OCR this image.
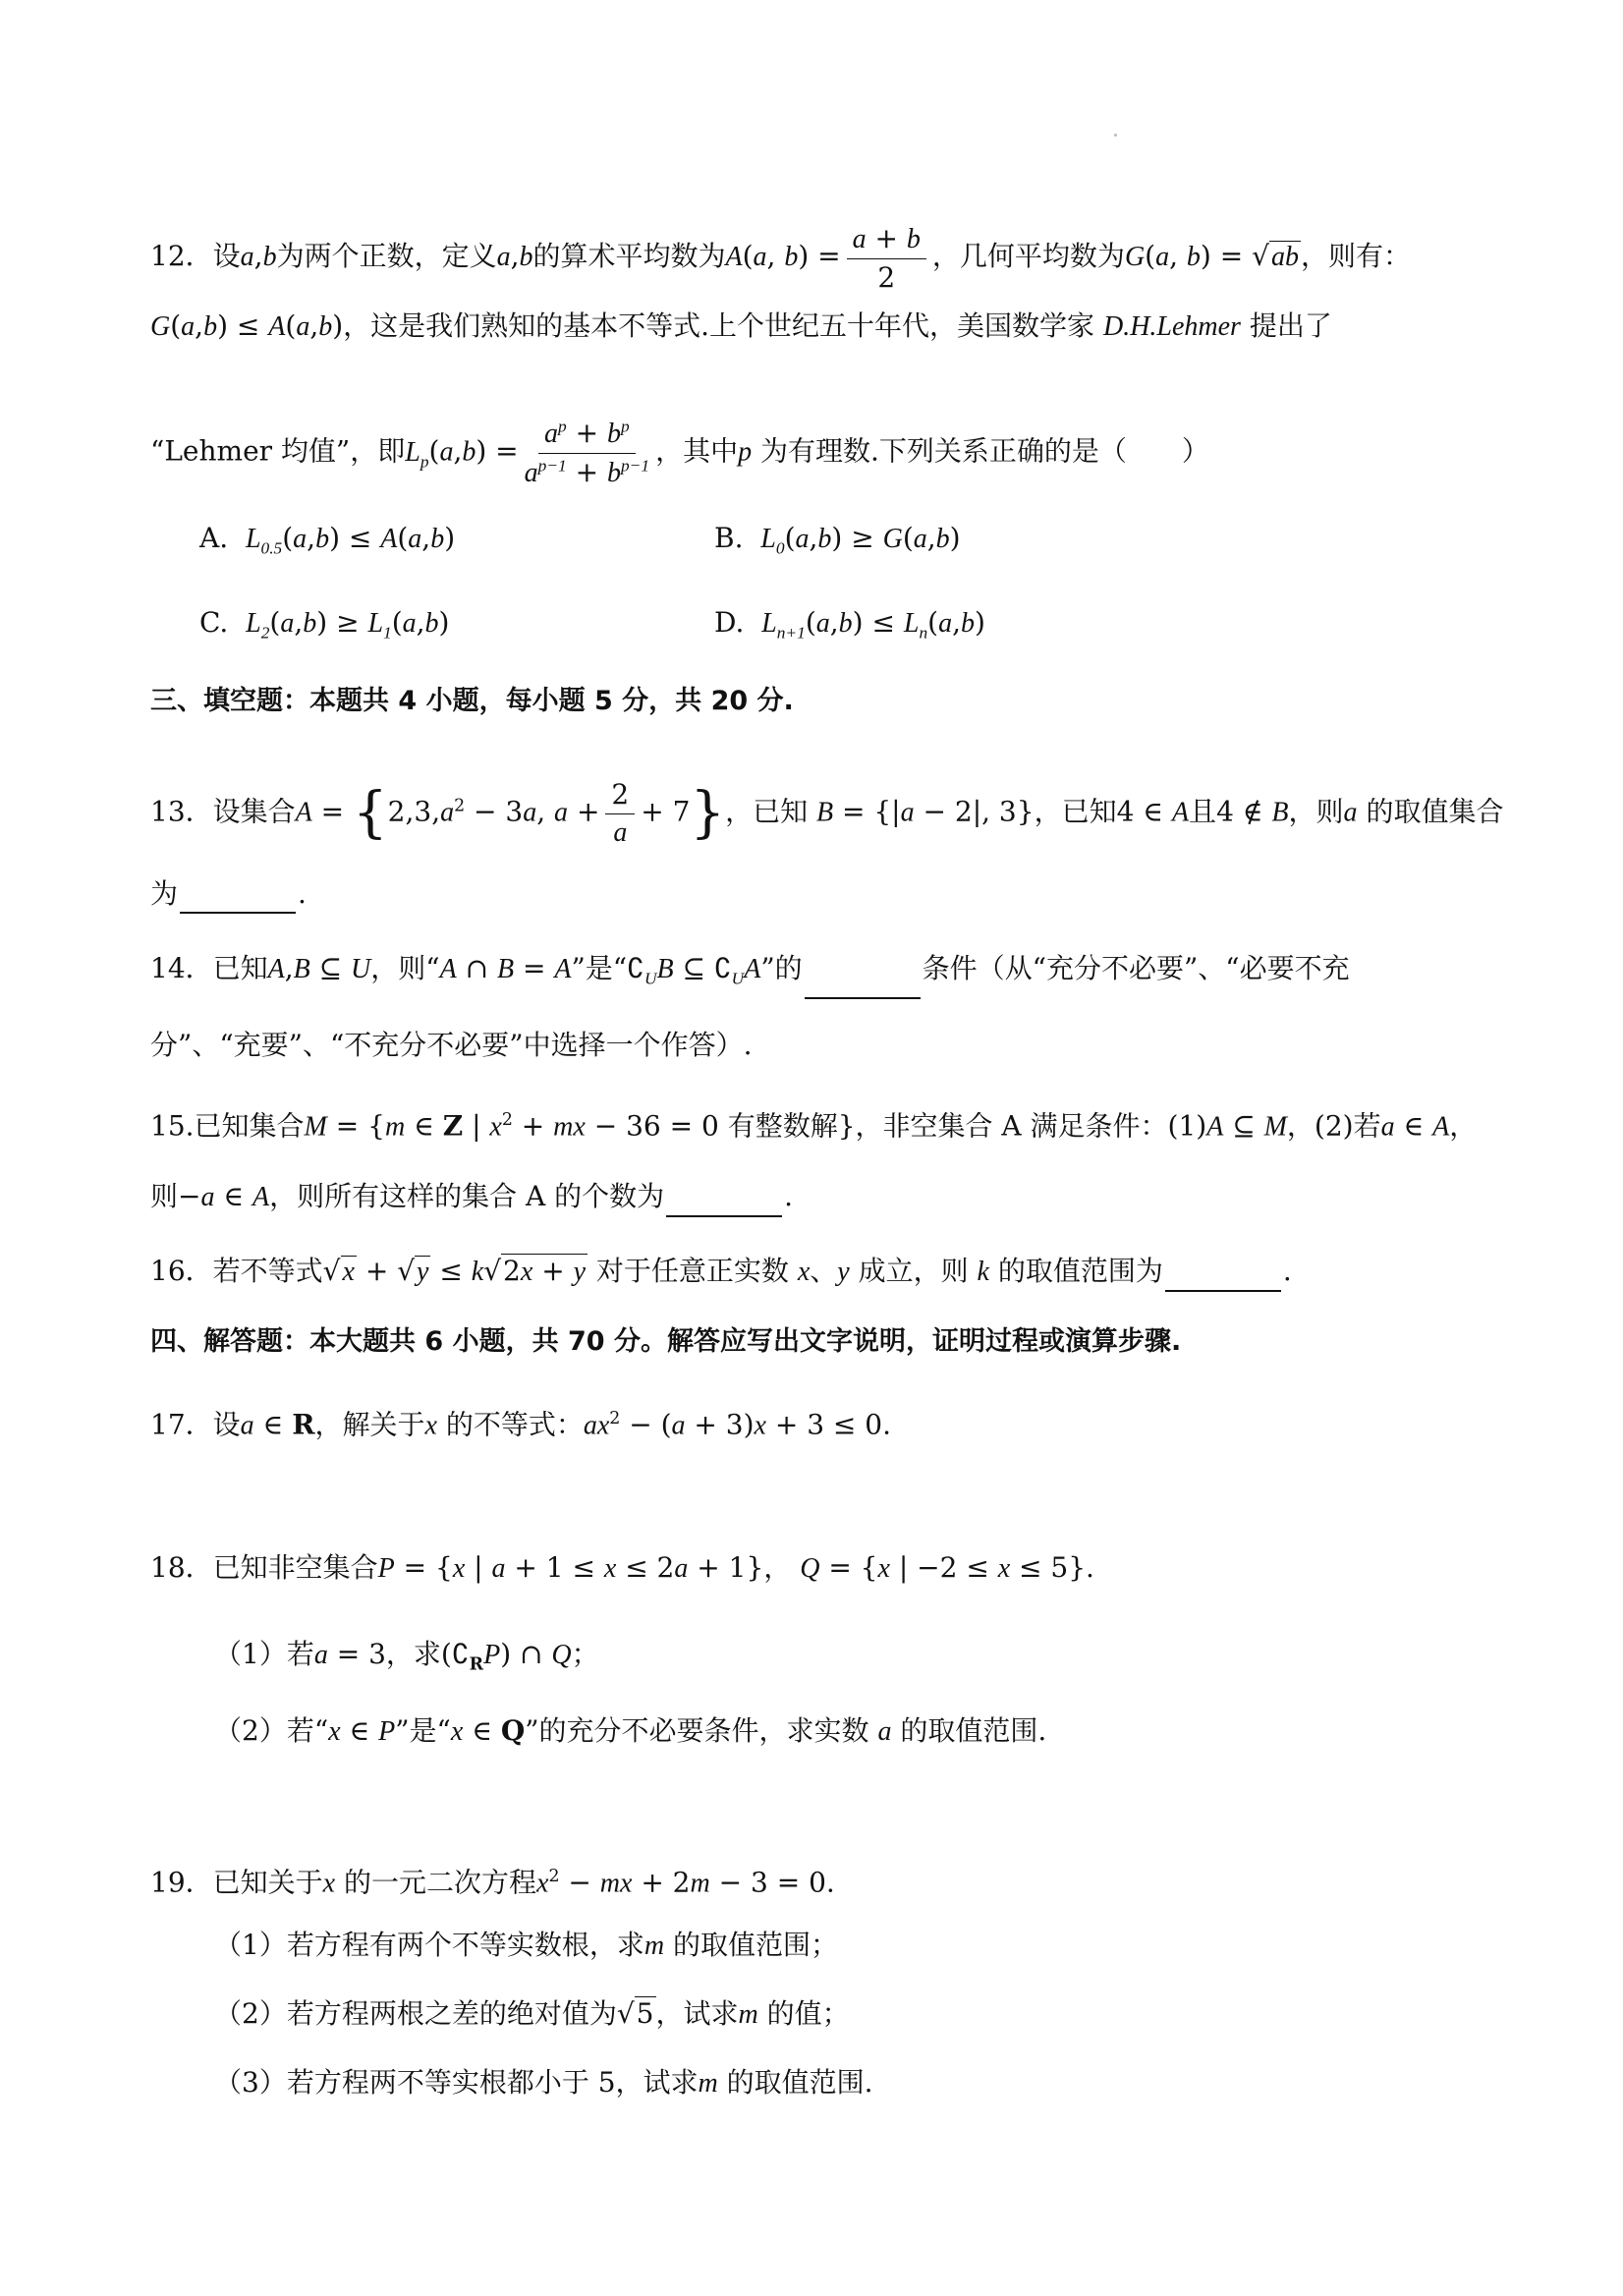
12．设a,b为两个正数，定义a,b的算术平均数为A(a, $b) = \frac{a + b}{2}$ ，几何平均数为G(a, b) = √ab，则有：
G(a,b) ≤ A(a,b)，这是我们熟知的基本不等式.上个世纪五十年代，美国数学家 D.H.Lehmer 提出了
“Lehmer 均值”，即$L_p(a,b) = \frac{a^p + b^p}{a^{p-1} + b^{p-1}}$ ，其中p 为有理数.下列关系正确的是（　　）
A. $L_{0.5}(a,b) \le A(a,b)$	B. $L_0(a,b) \ge G(a,b)$
C. $L_2(a,b) \ge L_1(a,b)$	D. $L_{n+1}(a,b) \le L_n(a,b)$
三、填空题：本题共 4 小题，每小题 5 分，共 20 分.
13．设集合$A = \{2,3,a^2 - 3a$, $a + \frac{2}{a} + 7$}，已知 B = {|a − 2|, 3}，已知4 ∈ A且4 ∉ B，则a 的取值集合
为	.
14．已知A,B ⊆ U，则“A ∩ B = A”是“$∁_UB$ ⊆ $∁_UA$”的	条件（从“充分不必要”、“必要不充
分”、“充要”、“不充分不必要”中选择一个作答）.
15.已知集合M = {m ∈ Z | $x^2$ + mx − 36 = 0 有整数解}，非空集合 A 满足条件：(1)A ⊆ M，(2)若a ∈ A，
则−a ∈ A，则所有这样的集合 A 的个数为	.
16．若不等式√x + √y ≤ k√2x + y 对于任意正实数 x、y 成立，则 k 的取值范围为	.
四、解答题：本大题共 6 小题，共 70 分。解答应写出文字说明，证明过程或演算步骤.
17．设a ∈ R，解关于x 的不等式：$ax^2 - (a + 3)x + 3 \le 0$.
18．已知非空集合P = {x | a + 1 ≤ x ≤ 2a + 1}， Q = {x | −2 ≤ x ≤ 5}.
（1）若a = 3，求$(∁_RP)$ ∩ Q；
（2）若“x ∈ P”是“x ∈ Q”的充分不必要条件，求实数 a 的取值范围.
19．已知关于x 的一元二次方程$x^2$ − mx + 2m − 3 = 0.
（1）若方程有两个不等实数根，求m 的取值范围；
（2）若方程两根之差的绝对值为√5，试求m 的值；
（3）若方程两不等实根都小于 5，试求m 的取值范围.
